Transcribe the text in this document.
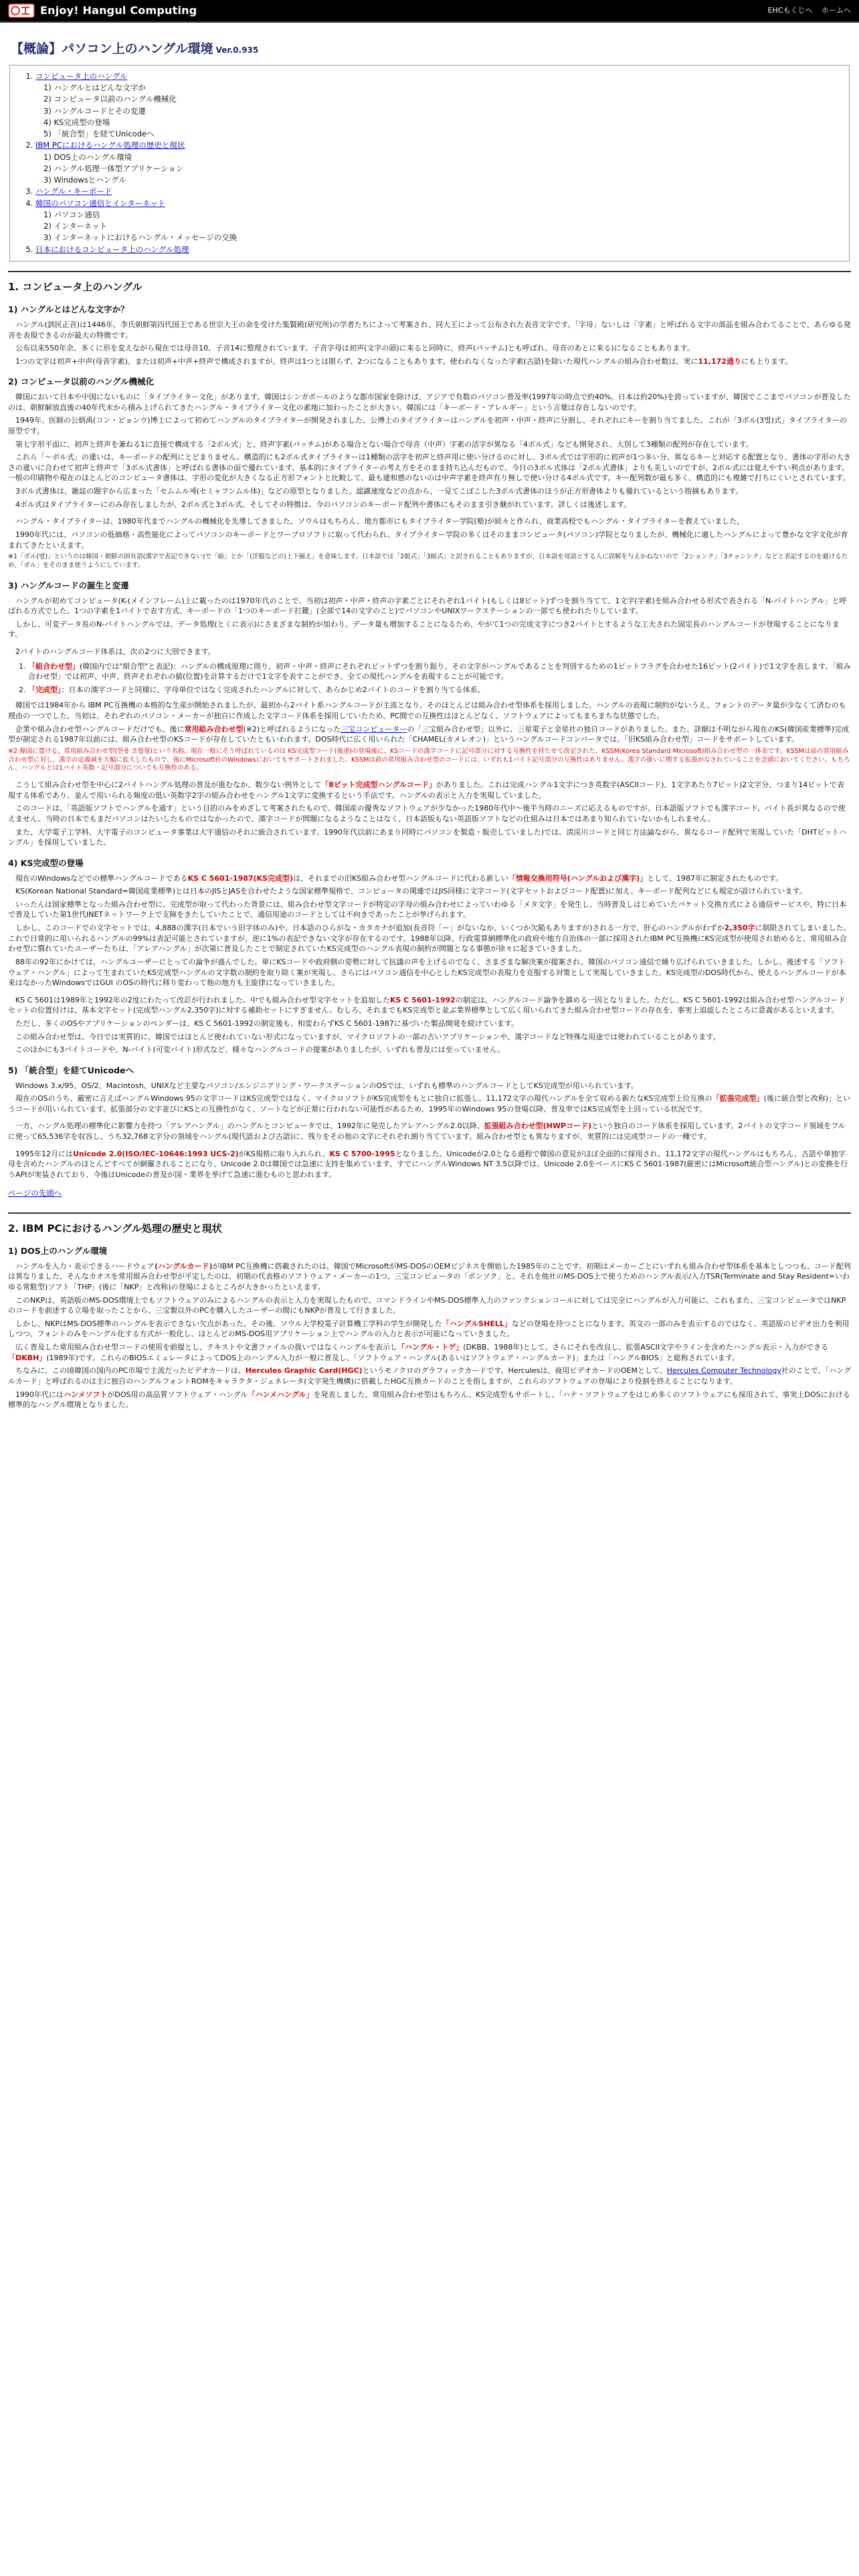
Enjoy! Hangul Computing	EHCもくじへ ホームへ
【概論】パソコン上のハングル環境 Ver.0.935
1. コンピュータ上のハングル
1) ハングルとはどんな文字か
2) コンピュータ以前のハングル機械化
3) ハングルコードとその変遷
4) KS完成型の登場
5) 「統合型」を経てUnicodeへ
2. IBM PCにおけるハングル処理の歴史と現状
1) DOS上のハングル環境
2) ハングル処理一体型アプリケーション
3) Windowsとハングル
3. ハングル・キーボード
4. 韓国のパソコン通信とインターネット
1) パソコン通信
2) インターネット
3) インターネットにおけるハングル・メッセージの交換
5. 日本におけるコンピュータ上のハングル処理
1. コンピュータ上のハングル
1) ハングルとはどんな文字か？

ハングル(訓民正音)は1446年、李氏朝鮮第四代国王である世宗大王の命を受けた集賢殿(研究所)の学者たちによって考案され、同大王によって公布された表音文字です。「字母」ないしは「字素」と呼ばれる文字の部品を組み合わてることで、あらゆる発音を表現できるのが最大の特徴です。

公布以来550年余、多くに形を変えながら現在では母音10、子音14に整理されています。子音字母は初声(文字の頭)に来ると同時に、終声(パッチム)とも呼ばれ、母音のあとに来る)になることもあります。

1つの文字は初声+中声(母音字素)、または初声+中声+終声で構成されますが、終声は1つとは限らず、2つになることもあります。使われなくなった字素(古語)を除いた現代ハングルの組み合わせ数は、実に11,172通りにも上ります。

2) コンピュータ以前のハングル機械化

韓国において日本や中国にないものに「タイプライター文化」があります。韓国はシンガポールのような都市国家を除けば、アジアで有数のパソコン普及率(1997年の時点で約40%。日本は約20%)を誇っていますが、韓国でここまでパソコンが普及したのは、朝鮮解放直後の40年代末から積み上げられてきたハングル・タイプライター文化の素地に加わったことが大きい。韓国には「キーボード・アレルギー」という言葉は存在しないのです。

1949年、医師の公炳禹(コン・ビョンウ)博士によって初めてハングルのタイプライターが開発されました。公博士のタイプライターはハングルを初声・中声・終声に分割し、それぞれにキーを割り当てました。これが「3ボル(3벌)式」タイプライターの原型です。

第七字形平面に、初声と終声を兼ねる1に直接で構成する「2ボル式」と、終声字素(パッチム)がある場合とない場合で母音（中声）字素の活字が異なる「4ボル式」なども開発され、大別して3種類の配列が存在しています。

これら「～ボル式」の違いは、キーボードの配列にとどまりません。構造的にも2ボル式タイプライターは1種類の活字を初声と終声用に使い分けるのに対し、3ボル式では字形的に初声が1つ多い分、異なるキーと対応する配置となり、書体の字形の大きさの違いに合わせて初声と終声で「3ボル式書体」と呼ばれる書体の面で優れています。基本的にタイプライターの考え方をそのまま持ち込んだもので、今日の3ボル式体は「2ボル式書体」よりも美しいのですが、2ボル式には覚えやすい利点があります。一般の印刷物や現在のほとんどのコンピュータ書体は、字形の変化が大きくなる正方形フォントと比較して、最も違和感のないのは中声字素を終声有り無しで使い分ける4ボル式です。キー配列数が最も多く、構造的にも複雑で打ちにくいとされています。

3ボル式書体は、雑誌の題字から広まった「セムムル체(セミャフンムル体)」などの原型となりました。認識速度などの点から、一見てこぼこした3ボル式書体のほうが正方形書体よりも優れているという指摘もあります。

4ボル式はタイプライターにのみ存在しましたが、2ボル式と3ボル式、そしてその特徴は、今のパソコンのキーボード配列や書体にもそのまま引き継がれています。詳しくは後述します。

ハングル・タイプライターは、1980年代までハングルの機械化を先導してきました。ソウルはもちろん、地方都市にもタイプライター学院(塾)が続々と作られ、商業高校でもハングル・タイプライターを教えていました。

1990年代には、パソコンの低価格・高性能化によってパソコンのキーボードとワープロソフトに取って代わられ、タイプライター学院の多くはそのままコンピュータ(パソコン)学院となりましたが、機械化に適したハングルによって豊かな文字文化が育まれてきたといえます。

※1「ボル(벌)」というのは韓国・朝鮮の固有語(漢字で表記できない)で「組」とか「(洋服などの)上下揃え」を意味します。日本語では「2組式」「3組式」と訳されることもありますが、日本語を母語とする人に誤解を与えかねないので「2ションク」「3チョンシク」などと表記するのを避けるため、「ボル」をそのまま使うようにしています。

3) ハングルコードの誕生と変遷

ハングルが初めてコンピュータ(K-(メインフレーム)上に載ったのは1970年代のことで、当初は初声・中声・終声の字素ごとにそれぞれ1バイト(もしくは8ビット)ずつを割り当てて、1文字(字素)を組み合わせる形式で表される「N-バイトハングル」と呼ばれる方式でした。1つの字素を1バイトで表す方式、キーボードの「1つのキーボード打鍵」(全部で14の文字のこと)でパソコンやUNIXワークステーションの一部でも使われたりしています。

しかし、可変データ長のN-バイトハングルでは、データ処理(とくに表示)にさまざまな制約が加わり、データ量も増加することになるため、やがて1つの完成文字につき2バイトとするような工夫された固定長のハングルコードが登場することになります。

2バイトのハングルコード体系は、次の2つに大別できます。

1. 「組合わせ型」(韓国内では"組合型"と表記)：ハングルの構成原理に則り、初声・中声・終声にそれぞれビットずつを割り振り、その文字がハングルであることを判別するための1ビットフラグを合わせた16ビット(2バイト)で1文字を表します。「組み合わせ型」では初声、中声、終声それぞれの値(位置)を計算するだけで1文字を表すことができ、全ての現代ハングルを表現することが可能です。
2. 「完成型」：日本の漢字コードと同様に、字母単位ではなく完成されたハングルに対して、あらかじめ2バイトのコードを割り当てる体系。

韓国では1984年から IBM PC互換機の本格的な生産が開始されましたが、最初から2バイト系ハングルコードが主流となり、そのほとんどは組み合わせ型体系を採用しました。ハングルの表現に制約がないうえ、フォントのデータ量が少なくて済むのも理由の一つでした。当初は、それぞれのパソコン・メーカーが独自に作成した文字コード体系を採用していたため、PC間での互換性はほとんどなく、ソフトウェアによってもまちまちな状態でした。

企業や組み合わせ型ハングルコードだけでも、後に常用組み合わせ型(※2)と呼ばれるようになった三宝コンピューターの「三宝組み合わせ型」以外に、三星電子と金星社の独自コードがありました。また、詳細は不明ながら現在のKS(韓国産業標準)完成型が制定される1987年以前には、組み合わせ型のKSコードが存在していたともいわれます。DOS時代に広く用いられた「CHAMEL(カメレオン)」というハングルコードコンバータでは、「旧KS組み合わせ型」コードをサポートしています。

※2 韓国に置ける、常用組み合わせ型(현용 조합형)という名称。現在一般にそう呼ばれているのは KS完成型コード(後述)の登場後に、KSコードの漢字コードに記号部分に対する互換性を持たせて改定された、KSSM(Korea Standard Microsoft)組み合わせ型の一体表です。KSSMは前の常用組み合わせ型に対し、漢字の定義域を大幅に拡大したもので、後にMicrosoft社のWindowsにおいてもサポートされました。KSSMは前の常用組み合わせ型のコードには、いずれも1バイト記号部分の互換性はありません。漢字の扱いに関する拡張がなされていることを念頭においてください。もちろん、ハングルとは1バイト英数・記号部分についても互換性のある。

こうして組み合わせ型を中心に2バイトハングル処理の普及が進むなか、数少ない例外として「8ビット完成型ハングルコード」がありました。これは完成ハングル1文字につき英数字(ASCIIコード)、1文字あたり7ビット)2文字分、つまり14ビットで表現する体系であり、並んで用いられる頻度の低い英数字2字の組み合わせをハングル1文字に変換するという手法です。ハングルの表示と入力を実現していました。

このコードは、「英語版ソフトでハングルを通す」という目的のみをめざして考案されたもので、韓国産の優秀なソフトウェアが少なかった1980年代中～後半当時のニーズに応えるものですが、日本語版ソフトでも漢字コード、バイト長が異なるので使えません。当時の日本でもまだパソコンはたいしたものではなかったので、漢字コードが問題になるようなことはなく、日本語版もない英語版ソフトなどの仕組みは日本ではあまり知られていないかもしれません。

また、大学電子工学科、大宇電子のコンピュータ事業は大宇通信のそれに統合されています。1990年代以前にあまり同時にパソコンを製造・販売していました)では、清渓川コードと同じ方法論ながら、異なるコード配列で実現していた「DHTビットハングル」を採用していました。

4) KS完成型の登場

現在のWindowsなどでの標準ハングルコードであるKS C 5601-1987(KS完成型)は、それまでの旧KS組み合わせ型ハングルコードに代わる新しい「情報交換用符号(ハングルおよび漢字)」として、1987年に制定されたものです。

KS(Korean National Standard=韓国産業標準)とは日本のJISとJASを合わせたような国家標準規格で、コンピュータの関連ではJIS同様に文字コード(文字セットおよびコード配置)に加え、キーボード配列などにも規定が設けられています。

いったんは国家標準となった組み合わせ型に、完成型が取って代わった背景には、組み合わせ型文字コードが特定の字母の組み合わせによっていわゆる「メタ文字」を発生し、当時普及しはじめていたパケット交換方式による通信サービスや、特に日本で普及していた第1世代INETネットワーク上で支障をきたしていたことで、通信用途のコードとしては不向きであったことが挙げられます。

しかし、このコードでの文字セットでは、4,888の漢字(日本でいう旧字体のみ)や、日本語のひらがな・カタカナが追加(長音符「ー」がないなか、いくつか欠陥もありますが)される一方で、肝心のハングルがわずか2,350字に制限されてしまいました。これで日常的に用いられるハングルの99%は表記可能とされていますが、逆に1%の表記できない文字が存在するのです。1988年以降、行政電算網標準化の政府や地方自治体の一部に採用されたIBM PC互換機にKS完成型が使用され始めると、常用組み合わせ型に慣れていたユーザーたちは、「アレアハングル」が次第に普及したことで制定されていたKS完成型のハングル表現の制約が問題となる事態が徐々に起きていきました。

88年の92年にかけては、ハングルユーザーにとっての論争が盛んでした。単にKSコードや政府側の姿勢に対して抗議の声を上げるのでなく、さまざまな解決案が提案され、韓国のパソコン通信で繰り広げられていきました。しかし、後述する「ソフトウェア・ハングル」によって生まれていたKS完成型ハングルの文字数の制約を取り除く案が実現し、さらにはパソコン通信を中心としたKS完成型の表現力を克服する対策として実現していきました。KS完成型のDOS時代から、使えるハングルコードが本来はなかったWindowsではGUI のOSの時代に移り変わって他の地方も主旋律になっていきました。

KS C 5601は1989年と1992年の2度にわたって改訂が行われました。中でも組み合わせ型文字セットを追加したKS C 5601-1992の制定は、ハングルコード論争を鎮める一因となりました。ただし、KS C 5601-1992は組み合わせ型ハングルコードセットの位置付けは、基本文字セット(完成型ハングル2,350字)に対する補助セットにすぎません。むしろ、それまでもKS完成型と並ぶ業界標準として広く用いられてきた組み合わせ型コードの存在を、事実上追認したところに意義があるといえます。

ただし、多くのOSやアプリケーションのベンダーは、KS C 5601-1992の制定後も、相変わらずKS C 5601-1987に基づいた製品開発を続けています。

この組み合わせ型は、今日では実質的に、韓国ではほとんど使われていない形式になっていますが、マイクロソフトの一部の古いアプリケーションや、漢字コードなど特殊な用途では使われていることがあります。

このほかにも3バイトコードや、N-バイト(可変バイト)形式など、様々なハングルコードの提案がありましたが、いずれも普及には至っていません。

5) 「統合型」を経てUnicodeへ

Windows 3.x/95、OS/2、Macintosh、UNIXなど主要なパソコン/エンジニアリング・ワークステーションのOSでは、いずれも標準のハングルコードとしてKS完成型が用いられています。

現在のOSのうち、厳密に言えばハングルWindows 95の文字コードはKS完成型ではなく、マイクロソフトがKS完成型をもとに独自に拡張し、11,172文字の現代ハングルを全て収める新たなKS完成型上位互換の「拡張完成型」(後に統合型と改称)」というコードが用いられています。拡張部分の文字並びにKSとの互換性がなく、ソートなどが正常に行われない可能性があるため、1995年のWindows 95の登場以降、普及率ではKS完成型を上回っている状況です。

一方、ハングル処理の標準化に影響力を持つ「アレアハングル」のハングルとコンピュータでは、1992年に発売したアレアハングル2.0以降、拡張組み合わせ型(HWPコード)という独自のコード体系を採用しています。2バイトの文字コード領域をフルに使って65,536字を収容し、うち32,768文字分の領域をハングル(現代語および古語)に、残りをその他の文字にそれぞれ割り当てています。組み合わせ型とも異なりますが、実質的には完成型コードの一種です。

1995年12月にはUnicode 2.0(ISO/IEC-10646:1993 UCS-2)がKS規格に取り入れられ、KS C 5700-1995となりました。Unicodeが2.0となる過程で韓国の意見がほぼ全面的に採用され、11,172文字の現代ハングルはもちろん、古語や単独字母を含めたハングルのほとんどすべてが網羅されることになり、Unicode 2.0は韓国では急速に支持を集めています。すでにハングルWindows NT 3.5以降では、Unicode 2.0をベースにKS C 5601-1987(厳密にはMicrosoft統合型ハングル)との変換を行うAPIが実装されており、今後はUnicodeの普及が国・業界を挙げて急速に進むものと思われます。

ページの先頭へ
2. IBM PCにおけるハングル処理の歴史と現状
1) DOS上のハングル環境

ハングルを入力・表示できるハードウェア(ハングルカード)がIBM PC互換機に搭載されたのは、韓国でMicrosoftがMS-DOSのOEMビジネスを開始した1985年のことです。初期はメーカーごとにいずれも組み合わせ型体系を基本としつつも、コード配列は異なりました。そんなカオスを常用組み合わせ型が平定したのは、初期の代表格のソフトウェア・メーカーの1つ、三宝コンピュータの「ポンソク」と、それを他社のMS-DOS上で使うためのハングル表示/入力TSR(Terminate and Stay Resident=いわゆる常駐型)ソフト「THP」(後に「NKP」と改称)の登場によるところが大きかったといえます。

このNKPは、英語版のMS-DOS環境上でもソフトウェアのみによるハングルの表示と入力を実現したもので、コマンドラインやMS-DOS標準入力のファンクションコールに対しては完全にハングルが入力可能に。これもまた、三宝コンピュータではNKPのコードを前述する立場を取ったことから、三宝製以外のPCを購入したユーザーの間にもNKPが普及して行きました。

しかし、NKPはMS-DOS標準のハングルを表示できない欠点があった。その後、ソウル大学校電子計算機工学科の学生が開発した「ハングルSHELL」などの登場を待つことになります。英文の一部のみを表示するのではなく、英語版のビデオ出力を利用しつつ、フォントのみをハングル化する方式が一般化し、ほとんどのMS-DOS用アプリケーション上でハングルの入力と表示が可能になっていきました。

広く普及した常用組み合わせ型コードの使用を前提とし、テキストや文書ファイルの扱いではなくハングルを表示し「ハングル・トゲ」(DKBB、1988年)として、さらにそれを改良し、拡張ASCII文字やラインを含めたハングル表示・入力ができる「DKBH」(1989年)です。これらのBIOSエミュレータによってDOS上のハングル入力が一般に普及し、「ソフトウェア・ハングル(あるいはソフトウェア・ハングルカード)」または「ハングルBIOS」と総称されています。

ちなみに、この頃韓国の国内のPC市場で主流だったビデオカードは、Hercules Graphic Card(HGC)というモノクロのグラフィックカードです。Herculesは、商用ビデオカードのOEMとして、Hercules Computer Technology社のことで、「ハングルカード」と呼ばれるのは主に独自のハングルフォントROMをキャラクタ・ジェネレータ(文字発生機構)に搭載したHGC互換カードのことを指しますが、これらのソフトウェアの登場により役割を終えることになります。

1990年代にはハンメソフトがDOS用の高品質ソフトウェア・ハングル「ハンメハングル」を発表しました。常用組み合わせ型はもちろん、KS完成型もサポートし、「ハナ・ソフトウェアをはじめ多くのソフトウェアにも採用されて、事実上DOSにおける標準的なハングル環境となりました。
